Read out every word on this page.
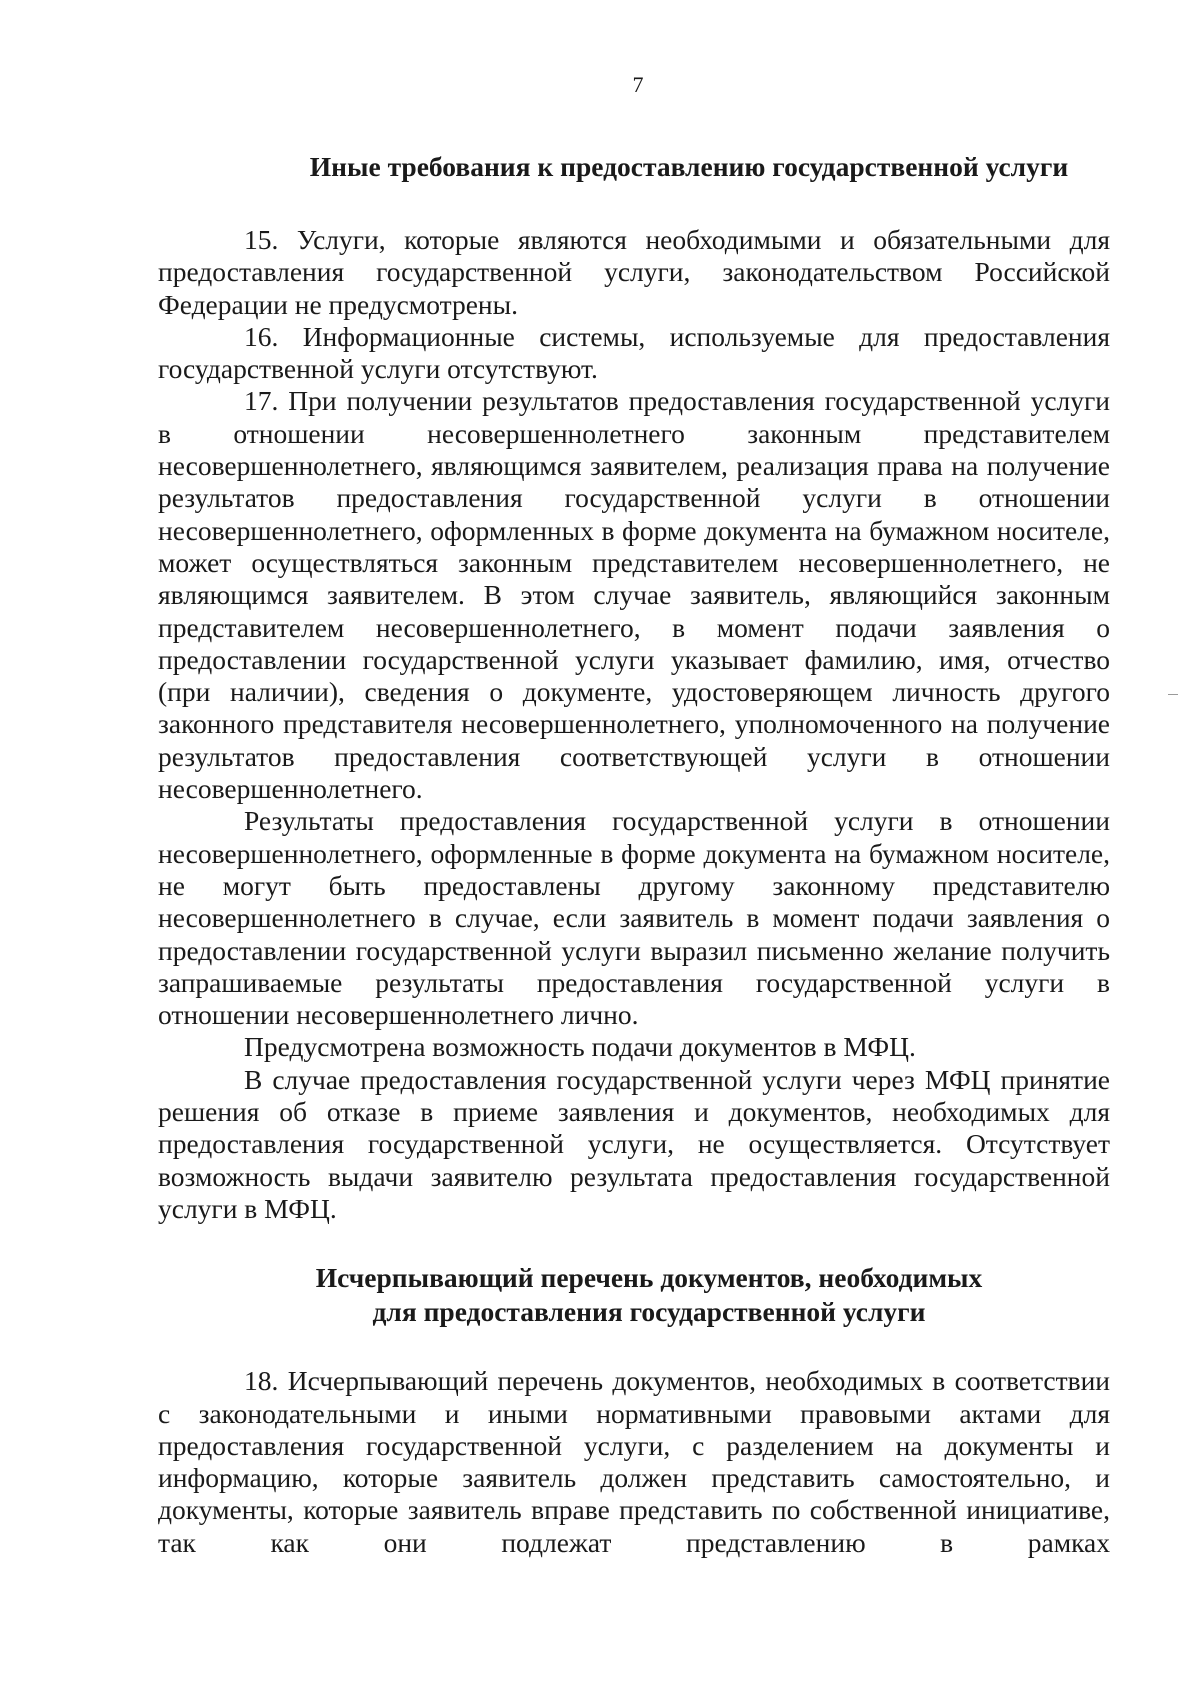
7
Иные требования к предоставлению государственной услуги

15. Услуги, которые являются необходимыми и обязательными для предоставления государственной услуги, законодательством Российской Федерации не предусмотрены.

16. Информационные системы, используемые для предоставления государственной услуги отсутствуют.

17. При получении результатов предоставления государственной услуги в отношении несовершеннолетнего законным представителем несовершеннолетнего, являющимся заявителем, реализация права на получение результатов предоставления государственной услуги в отношении несовершеннолетнего, оформленных в форме документа на бумажном носителе, может осуществляться законным представителем несовершеннолетнего, не являющимся заявителем. В этом случае заявитель, являющийся законным представителем несовершеннолетнего, в момент подачи заявления о предоставлении государственной услуги указывает фамилию, имя, отчество (при наличии), сведения о документе, удостоверяющем личность другого законного представителя несовершеннолетнего, уполномоченного на получение результатов предоставления соответствующей услуги в отношении несовершеннолетнего.

Результаты предоставления государственной услуги в отношении несовершеннолетнего, оформленные в форме документа на бумажном носителе, не могут быть предоставлены другому законному представителю несовершеннолетнего в случае, если заявитель в момент подачи заявления о предоставлении государственной услуги выразил письменно желание получить запрашиваемые результаты предоставления государственной услуги в отношении несовершеннолетнего лично.

Предусмотрена возможность подачи документов в МФЦ.

В случае предоставления государственной услуги через МФЦ принятие решения об отказе в приеме заявления и документов, необходимых для предоставления государственной услуги, не осуществляется. Отсутствует возможность выдачи заявителю результата предоставления государственной услуги в МФЦ.

Исчерпывающий перечень документов, необходимых
для предоставления государственной услуги

18. Исчерпывающий перечень документов, необходимых в соответствии с законодательными и иными нормативными правовыми актами для предоставления государственной услуги, с разделением на документы и информацию, которые заявитель должен представить самостоятельно, и документы, которые заявитель вправе представить по собственной инициативе, так как они подлежат представлению в рамках
